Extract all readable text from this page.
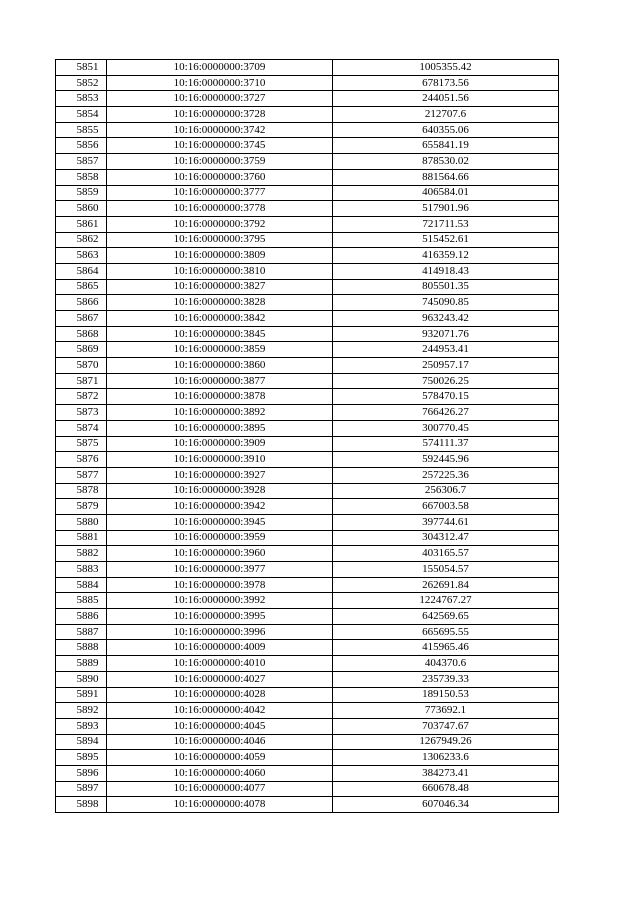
5851	10:16:0000000:3709	1005355.42
5852	10:16:0000000:3710	678173.56
5853	10:16:0000000:3727	244051.56
5854	10:16:0000000:3728	212707.6
5855	10:16:0000000:3742	640355.06
5856	10:16:0000000:3745	655841.19
5857	10:16:0000000:3759	878530.02
5858	10:16:0000000:3760	881564.66
5859	10:16:0000000:3777	406584.01
5860	10:16:0000000:3778	517901.96
5861	10:16:0000000:3792	721711.53
5862	10:16:0000000:3795	515452.61
5863	10:16:0000000:3809	416359.12
5864	10:16:0000000:3810	414918.43
5865	10:16:0000000:3827	805501.35
5866	10:16:0000000:3828	745090.85
5867	10:16:0000000:3842	963243.42
5868	10:16:0000000:3845	932071.76
5869	10:16:0000000:3859	244953.41
5870	10:16:0000000:3860	250957.17
5871	10:16:0000000:3877	750026.25
5872	10:16:0000000:3878	578470.15
5873	10:16:0000000:3892	766426.27
5874	10:16:0000000:3895	300770.45
5875	10:16:0000000:3909	574111.37
5876	10:16:0000000:3910	592445.96
5877	10:16:0000000:3927	257225.36
5878	10:16:0000000:3928	256306.7
5879	10:16:0000000:3942	667003.58
5880	10:16:0000000:3945	397744.61
5881	10:16:0000000:3959	304312.47
5882	10:16:0000000:3960	403165.57
5883	10:16:0000000:3977	155054.57
5884	10:16:0000000:3978	262691.84
5885	10:16:0000000:3992	1224767.27
5886	10:16:0000000:3995	642569.65
5887	10:16:0000000:3996	665695.55
5888	10:16:0000000:4009	415965.46
5889	10:16:0000000:4010	404370.6
5890	10:16:0000000:4027	235739.33
5891	10:16:0000000:4028	189150.53
5892	10:16:0000000:4042	773692.1
5893	10:16:0000000:4045	703747.67
5894	10:16:0000000:4046	1267949.26
5895	10:16:0000000:4059	1306233.6
5896	10:16:0000000:4060	384273.41
5897	10:16:0000000:4077	660678.48
5898	10:16:0000000:4078	607046.34
